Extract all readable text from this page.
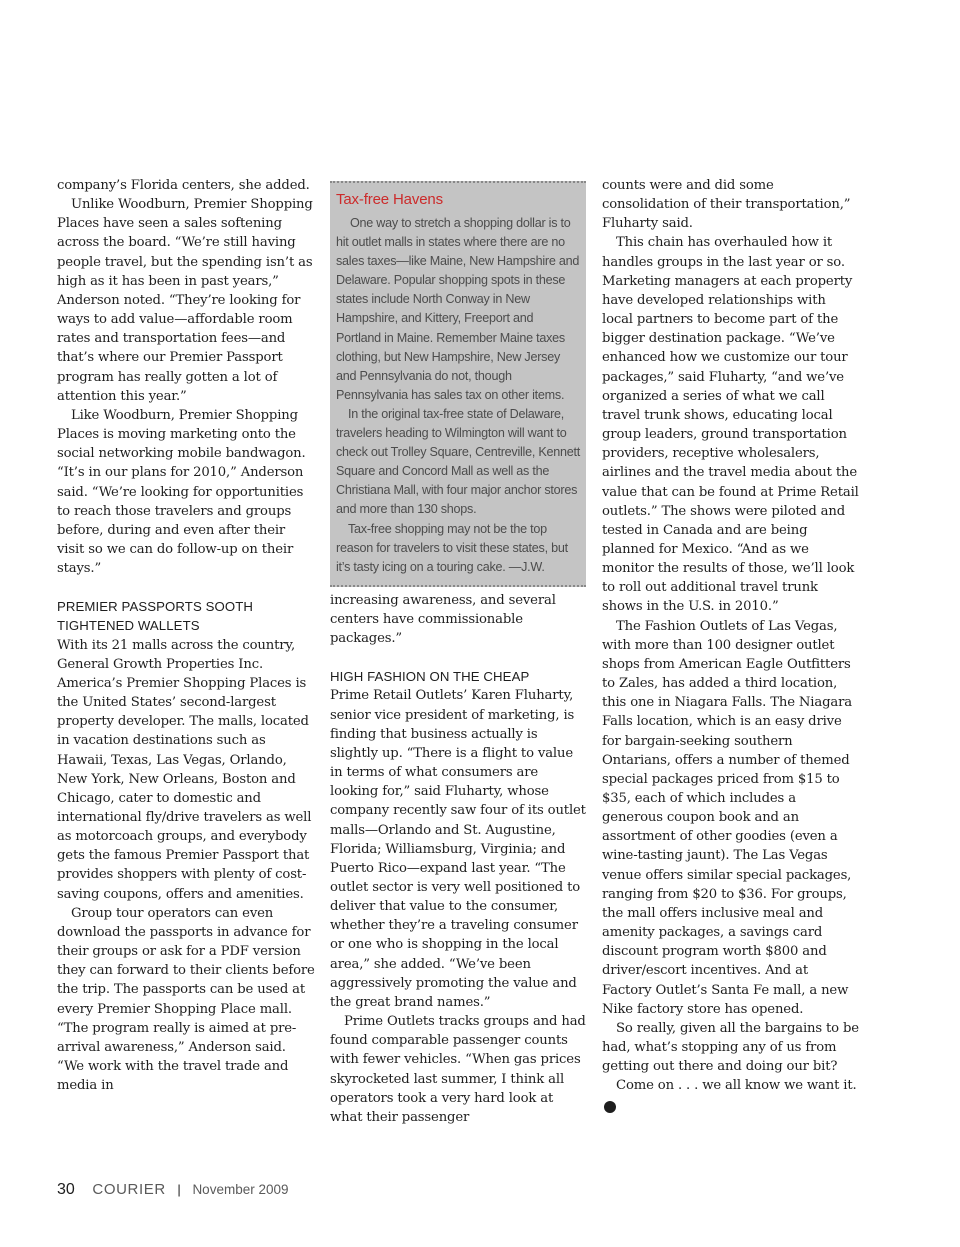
company’s Florida centers, she added.

Unlike Woodburn, Premier Shopping Places have seen a sales softening across the board. “We’re still having people travel, but the spending isn’t as high as it has been in past years,” Anderson noted. “They’re looking for ways to add value—affordable room rates and transportation fees—and that’s where our Premier Passport program has really gotten a lot of attention this year.”

Like Woodburn, Premier Shopping Places is moving marketing onto the social networking mobile bandwagon. “It’s in our plans for 2010,” Anderson said. “We’re looking for opportunities to reach those travelers and groups before, during and even after their visit so we can do follow-up on their stays.”

PREMIER PASSPORTS SOOTH TIGHTENED WALLETS

With its 21 malls across the country, General Growth Properties Inc. America’s Premier Shopping Places is the United States’ second-largest property developer. The malls, located in vacation destinations such as Hawaii, Texas, Las Vegas, Orlando, New York, New Orleans, Boston and Chicago, cater to domestic and international fly/drive travelers as well as motorcoach groups, and everybody gets the famous Premier Passport that provides shoppers with plenty of cost-saving coupons, offers and amenities.

Group tour operators can even download the passports in advance for their groups or ask for a PDF version they can forward to their clients before the trip. The passports can be used at every Premier Shopping Place mall. “The program really is aimed at pre-arrival awareness,” Anderson said. “We work with the travel trade and media in

Tax-free Havens

One way to stretch a shopping dollar is to hit outlet malls in states where there are no sales taxes—like Maine, New Hampshire and Delaware. Popular shopping spots in these states include North Conway in New Hampshire, and Kittery, Freeport and Portland in Maine. Remember Maine taxes clothing, but New Hampshire, New Jersey and Pennsylvania do not, though Pennsylvania has sales tax on other items.

In the original tax-free state of Delaware, travelers heading to Wilmington will want to check out Trolley Square, Centreville, Kennett Square and Concord Mall as well as the Christiana Mall, with four major anchor stores and more than 130 shops.

Tax-free shopping may not be the top reason for travelers to visit these states, but it’s tasty icing on a touring cake. —J.W.

increasing awareness, and several centers have commissionable packages.”

HIGH FASHION ON THE CHEAP

Prime Retail Outlets’ Karen Fluharty, senior vice president of marketing, is finding that business actually is slightly up. “There is a flight to value in terms of what consumers are looking for,” said Fluharty, whose company recently saw four of its outlet malls—Orlando and St. Augustine, Florida; Williamsburg, Virginia; and Puerto Rico—expand last year. “The outlet sector is very well positioned to deliver that value to the consumer, whether they’re a traveling consumer or one who is shopping in the local area,” she added. “We’ve been aggressively promoting the value and the great brand names.”

Prime Outlets tracks groups and had found comparable passenger counts with fewer vehicles. “When gas prices skyrocketed last summer, I think all operators took a very hard look at what their passenger

counts were and did some consolidation of their transportation,” Fluharty said.

This chain has overhauled how it handles groups in the last year or so. Marketing managers at each property have developed relationships with local partners to become part of the bigger destination package. “We’ve enhanced how we customize our tour packages,” said Fluharty, “and we’ve organized a series of what we call travel trunk shows, educating local group leaders, ground transportation providers, receptive wholesalers, airlines and the travel media about the value that can be found at Prime Retail outlets.” The shows were piloted and tested in Canada and are being planned for Mexico. “And as we monitor the results of those, we’ll look to roll out additional travel trunk shows in the U.S. in 2010.”

The Fashion Outlets of Las Vegas, with more than 100 designer outlet shops from American Eagle Outfitters to Zales, has added a third location, this one in Niagara Falls. The Niagara Falls location, which is an easy drive for bargain-seeking southern Ontarians, offers a number of themed special packages priced from $15 to $35, each of which includes a generous coupon book and an assortment of other goodies (even a wine-tasting jaunt). The Las Vegas venue offers similar special packages, ranging from $20 to $36. For groups, the mall offers inclusive meal and amenity packages, a savings card discount program worth $800 and driver/escort incentives. And at Factory Outlet’s Santa Fe mall, a new Nike factory store has opened.

So really, given all the bargains to be had, what’s stopping any of us from getting out there and doing our bit?

Come on . . . we all know we want it.C

30 COURIER | November 2009
